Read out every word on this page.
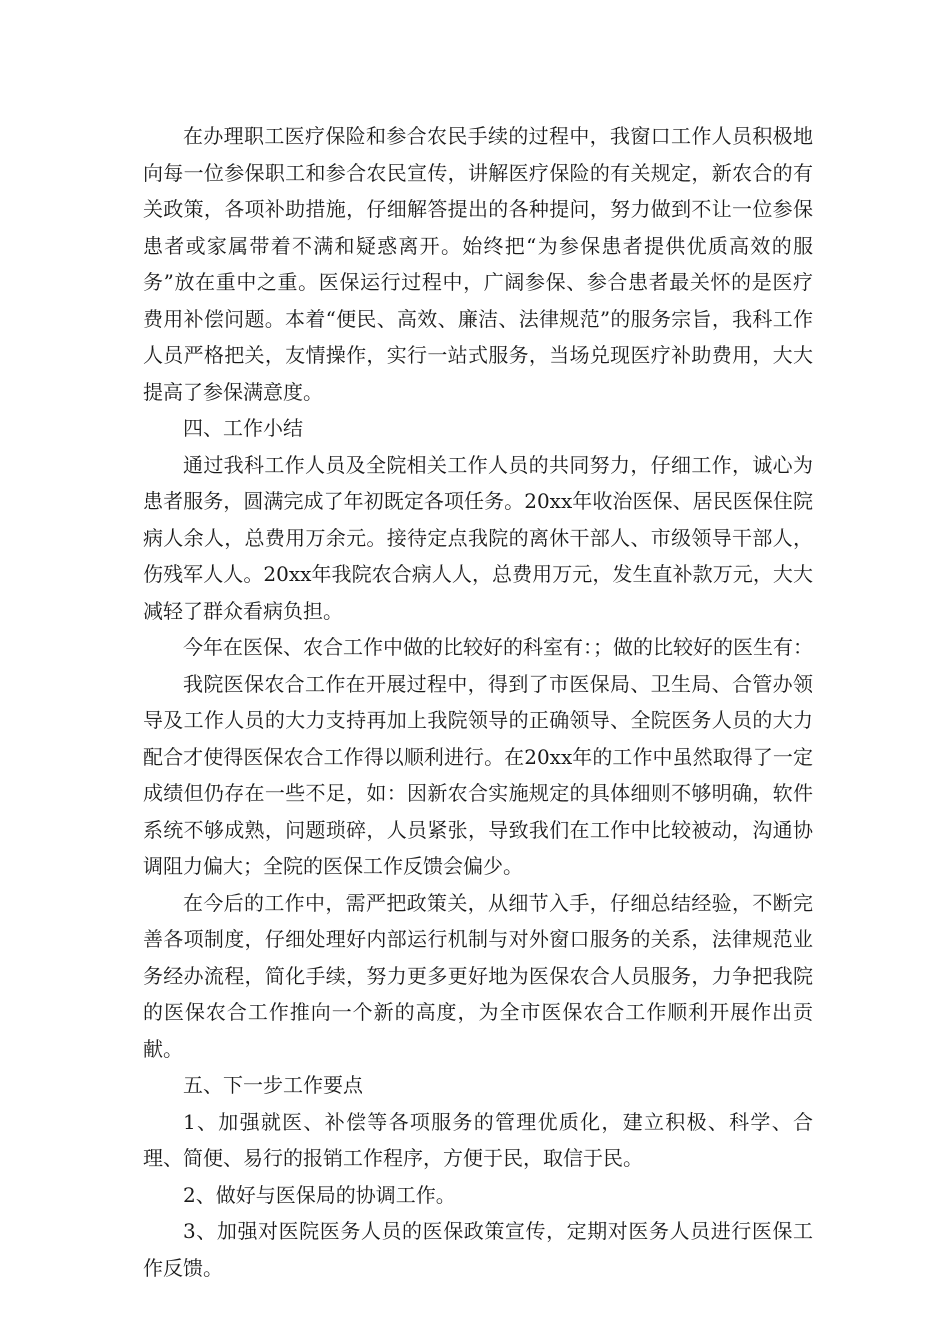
在办理职工医疗保险和参合农民手续的过程中，我窗口工作人员积极地向每一位参保职工和参合农民宣传，讲解医疗保险的有关规定，新农合的有关政策，各项补助措施，仔细解答提出的各种提问，努力做到不让一位参保患者或家属带着不满和疑惑离开。始终把“为参保患者提供优质高效的服务”放在重中之重。医保运行过程中，广阔参保、参合患者最关怀的是医疗费用补偿问题。本着“便民、高效、廉洁、法律规范”的服务宗旨，我科工作人员严格把关，友情操作，实行一站式服务，当场兑现医疗补助费用，大大提高了参保满意度。

四、工作小结

通过我科工作人员及全院相关工作人员的共同努力，仔细工作，诚心为患者服务，圆满完成了年初既定各项任务。20xx年收治医保、居民医保住院病人余人，总费用万余元。接待定点我院的离休干部人、市级领导干部人，伤残军人人。20xx年我院农合病人人，总费用万元，发生直补款万元，大大减轻了群众看病负担。

今年在医保、农合工作中做的比较好的科室有：；做的比较好的医生有：

我院医保农合工作在开展过程中，得到了市医保局、卫生局、合管办领导及工作人员的大力支持再加上我院领导的正确领导、全院医务人员的大力配合才使得医保农合工作得以顺利进行。在20xx年的工作中虽然取得了一定成绩但仍存在一些不足，如：因新农合实施规定的具体细则不够明确，软件系统不够成熟，问题琐碎，人员紧张，导致我们在工作中比较被动，沟通协调阻力偏大；全院的医保工作反馈会偏少。

在今后的工作中，需严把政策关，从细节入手，仔细总结经验，不断完善各项制度，仔细处理好内部运行机制与对外窗口服务的关系，法律规范业务经办流程，简化手续，努力更多更好地为医保农合人员服务，力争把我院的医保农合工作推向一个新的高度，为全市医保农合工作顺利开展作出贡献。

五、下一步工作要点

1、加强就医、补偿等各项服务的管理优质化，建立积极、科学、合理、简便、易行的报销工作程序，方便于民，取信于民。

2、做好与医保局的协调工作。

3、加强对医院医务人员的医保政策宣传，定期对医务人员进行医保工作反馈。
